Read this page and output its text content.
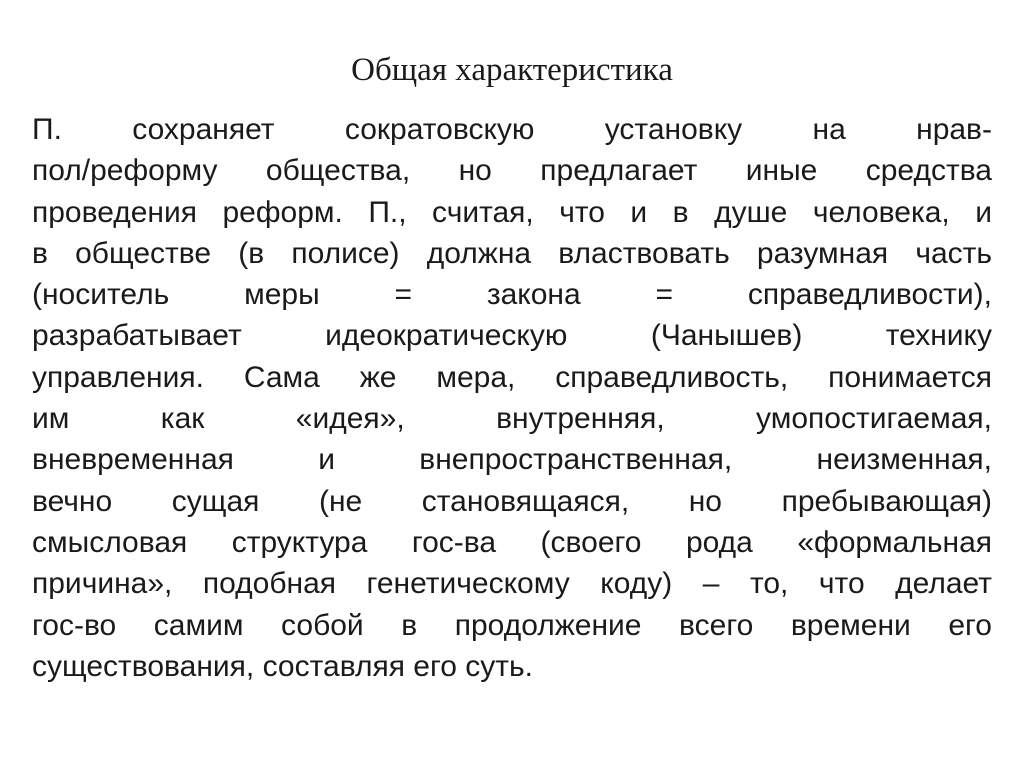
Общая характеристика
П. сохраняет сократовскую установку на нрав-
пол/реформу общества, но предлагает иные средства
проведения реформ. П., считая, что и в душе человека, и
в обществе (в полисе) должна властвовать разумная часть
(носитель меры = закона = справедливости),
разрабатывает идеократическую (Чанышев) технику
управления. Сама же мера, справедливость, понимается
им как «идея», внутренняя, умопостигаемая,
вневременная и внепространственная, неизменная,
вечно сущая (не становящаяся, но пребывающая)
смысловая структура гос-ва (своего рода «формальная
причина», подобная генетическому коду) – то, что делает
гос-во самим собой в продолжение всего времени его
существования, составляя его суть.
